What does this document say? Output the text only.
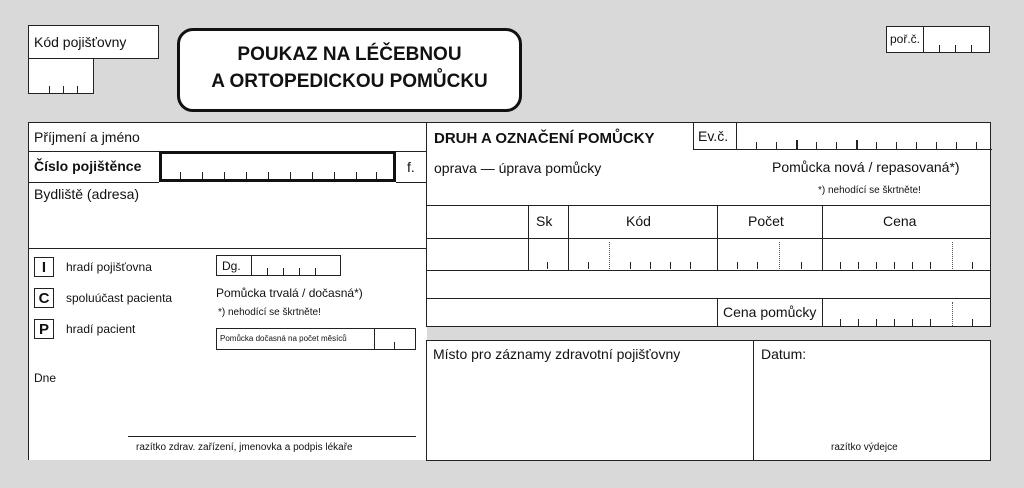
Kód pojišťovny
POUKAZ NA LÉČEBNOU
A ORTOPEDICKOU POMŮCKU
poř.č.
Příjmení a jméno
Číslo pojištěnce	f.
Bydliště (adresa)
I	hradí pojišťovna
C	spoluúčast pacienta
P	hradí pacient
Dg.
Pomůcka trvalá / dočasná*)
*) nehodící se škrtněte!
Pomůcka dočasná na počet měsíců
Dne
razítko zdrav. zařízení, jmenovka a podpis lékaře
DRUH A OZNAČENÍ POMŮCKY	Ev.č.
oprava — úprava pomůcky	Pomůcka nová / repasovaná*)
*) nehodící se škrtněte!
Sk	Kód	Počet	Cena
Cena pomůcky
Místo pro záznamy zdravotní pojišťovny	Datum:
razítko výdejce
